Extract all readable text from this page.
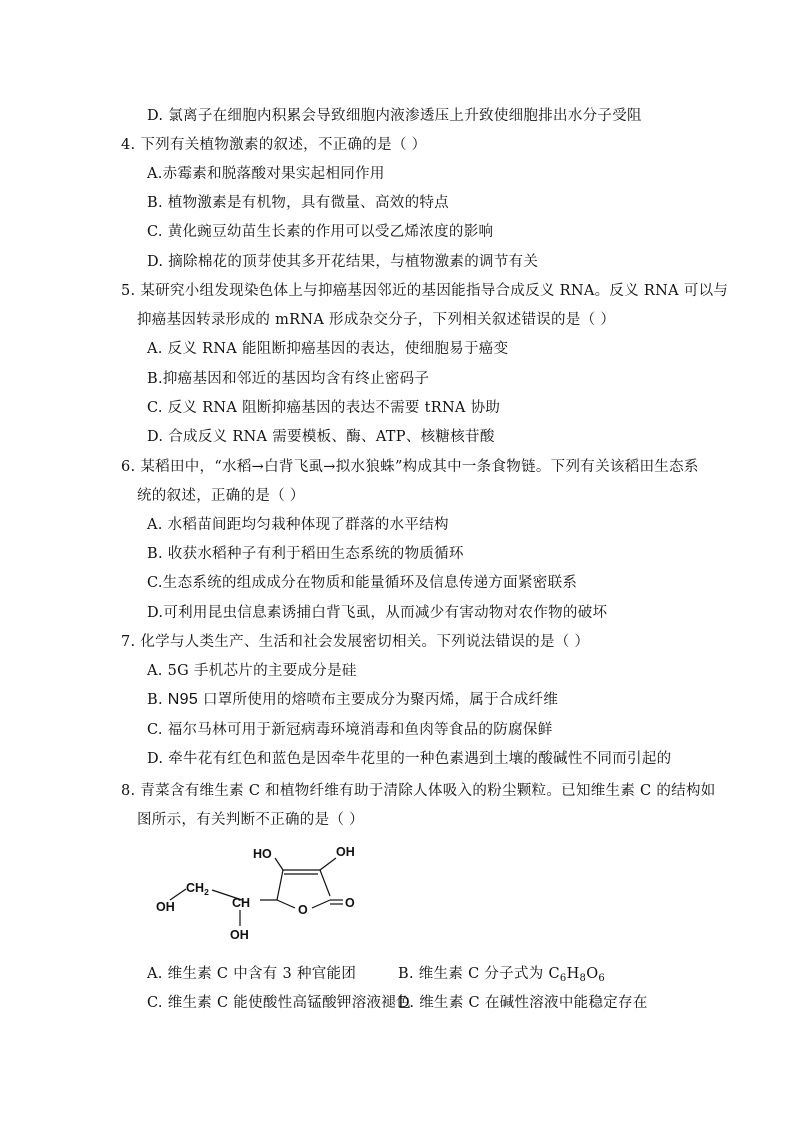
D. 氯离子在细胞内积累会导致细胞内液渗透压上升致使细胞排出水分子受阻
4. 下列有关植物激素的叙述，不正确的是（ ）
A.赤霉素和脱落酸对果实起相同作用
B. 植物激素是有机物，具有微量、高效的特点
C. 黄化豌豆幼苗生长素的作用可以受乙烯浓度的影响
D. 摘除棉花的顶芽使其多开花结果，与植物激素的调节有关
5. 某研究小组发现染色体上与抑癌基因邻近的基因能指导合成反义 RNA。反义 RNA 可以与
抑癌基因转录形成的 mRNA 形成杂交分子，下列相关叙述错误的是（ ）
A. 反义 RNA 能阻断抑癌基因的表达，使细胞易于癌变
B.抑癌基因和邻近的基因均含有终止密码子
C. 反义 RNA 阻断抑癌基因的表达不需要 tRNA 协助
D. 合成反义 RNA 需要模板、酶、ATP、核糖核苷酸
6. 某稻田中，“水稻→白背飞虱→拟水狼蛛”构成其中一条食物链。下列有关该稻田生态系
统的叙述，正确的是（ ）
A. 水稻苗间距均匀栽种体现了群落的水平结构
B. 收获水稻种子有利于稻田生态系统的物质循环
C.生态系统的组成成分在物质和能量循环及信息传递方面紧密联系
D.可利用昆虫信息素诱捕白背飞虱，从而减少有害动物对农作物的破坏
7. 化学与人类生产、生活和社会发展密切相关。下列说法错误的是（ ）
A. 5G 手机芯片的主要成分是硅
B. N95 口罩所使用的熔喷布主要成分为聚丙烯，属于合成纤维
C. 福尔马林可用于新冠病毒环境消毒和鱼肉等食品的防腐保鲜
D. 牵牛花有红色和蓝色是因牵牛花里的一种色素遇到土壤的酸碱性不同而引起的
8. 青菜含有维生素 C 和植物纤维有助于清除人体吸入的粉尘颗粒。已知维生素 C 的结构如
图所示，有关判断不正确的是（ ）
HO	OH
$CH_2$
OH	CH	O	O
OH
A. 维生素 C 中含有 3 种官能团	B. 维生素 C 分子式为 $C_6H_8O_6$
C. 维生素 C 能使酸性高锰酸钾溶液褪色
D. 维生素 C 在碱性溶液中能稳定存在
